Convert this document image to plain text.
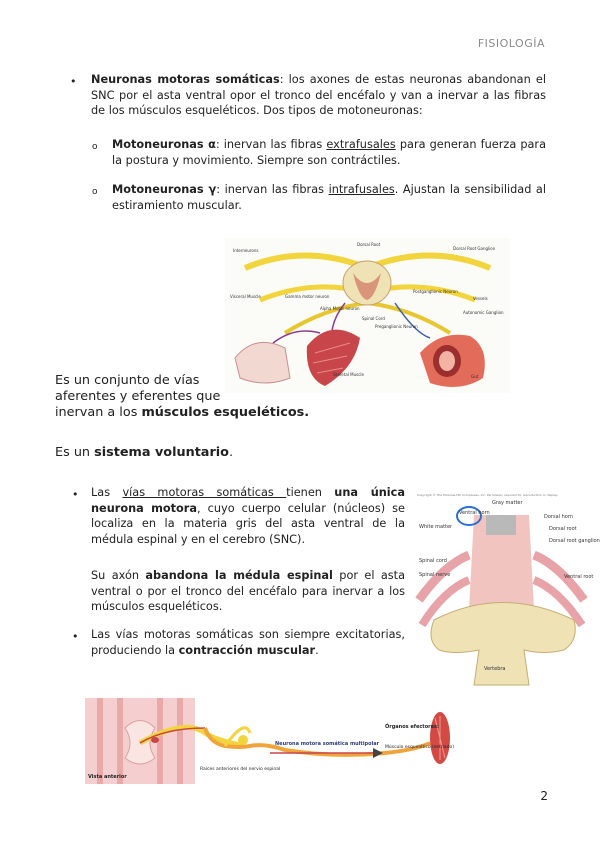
FISIOLOGÍA
• Neuronas motoras somáticas: los axones de estas neuronas abandonan el SNC por el asta ventral opor el tronco del encéfalo y van a inervar a las fibras de los músculos esqueléticos. Dos tipos de motoneuronas:
o Motoneuronas α: inervan las fibras extrafusales para generan fuerza para la postura y movimiento. Siempre son contráctiles.
o Motoneuronas γ: inervan las fibras intrafusales. Ajustan la sensibilidad al estiramiento muscular.
Interneurons
Dorsal Root
Dorsal Root Ganglion
Gamma motor neuron
Alpha Motor neuron
Spinal Cord
Preganglionic Neuron
Postganglionic Neuron
Visceral Muscle
Skeletal Muscle
Vessels
Autonomic Ganglion
Gut
Es un conjunto de vías
aferentes y eferentes que
inervan a los músculos esqueléticos.
Es un sistema voluntario.
• Las vías motoras somáticas tienen una única neurona motora, cuyo cuerpo celular (núcleos) se localiza en la materia gris del asta ventral de la médula espinal y en el cerebro (SNC).
Su axón abandona la médula espinal por el asta ventral o por el tronco del encéfalo para inervar a los músculos esqueléticos.
• Las vías motoras somáticas son siempre excitatorias, produciendo la contracción muscular.
Copyright © The McGraw-Hill Companies, Inc. Permission required for reproduction or display.
Gray matter
Ventral horn
Dorsal horn
Dorsal root
Dorsal root ganglion
White matter
Spinal cord
Spinal nerve	Ventral root
Vertebra
Vista anterior
Neurona motora somática multipolar
Raíces anteriores del nervio espinal
Órganos efectores:
Músculo esquelético (estriado)
2
